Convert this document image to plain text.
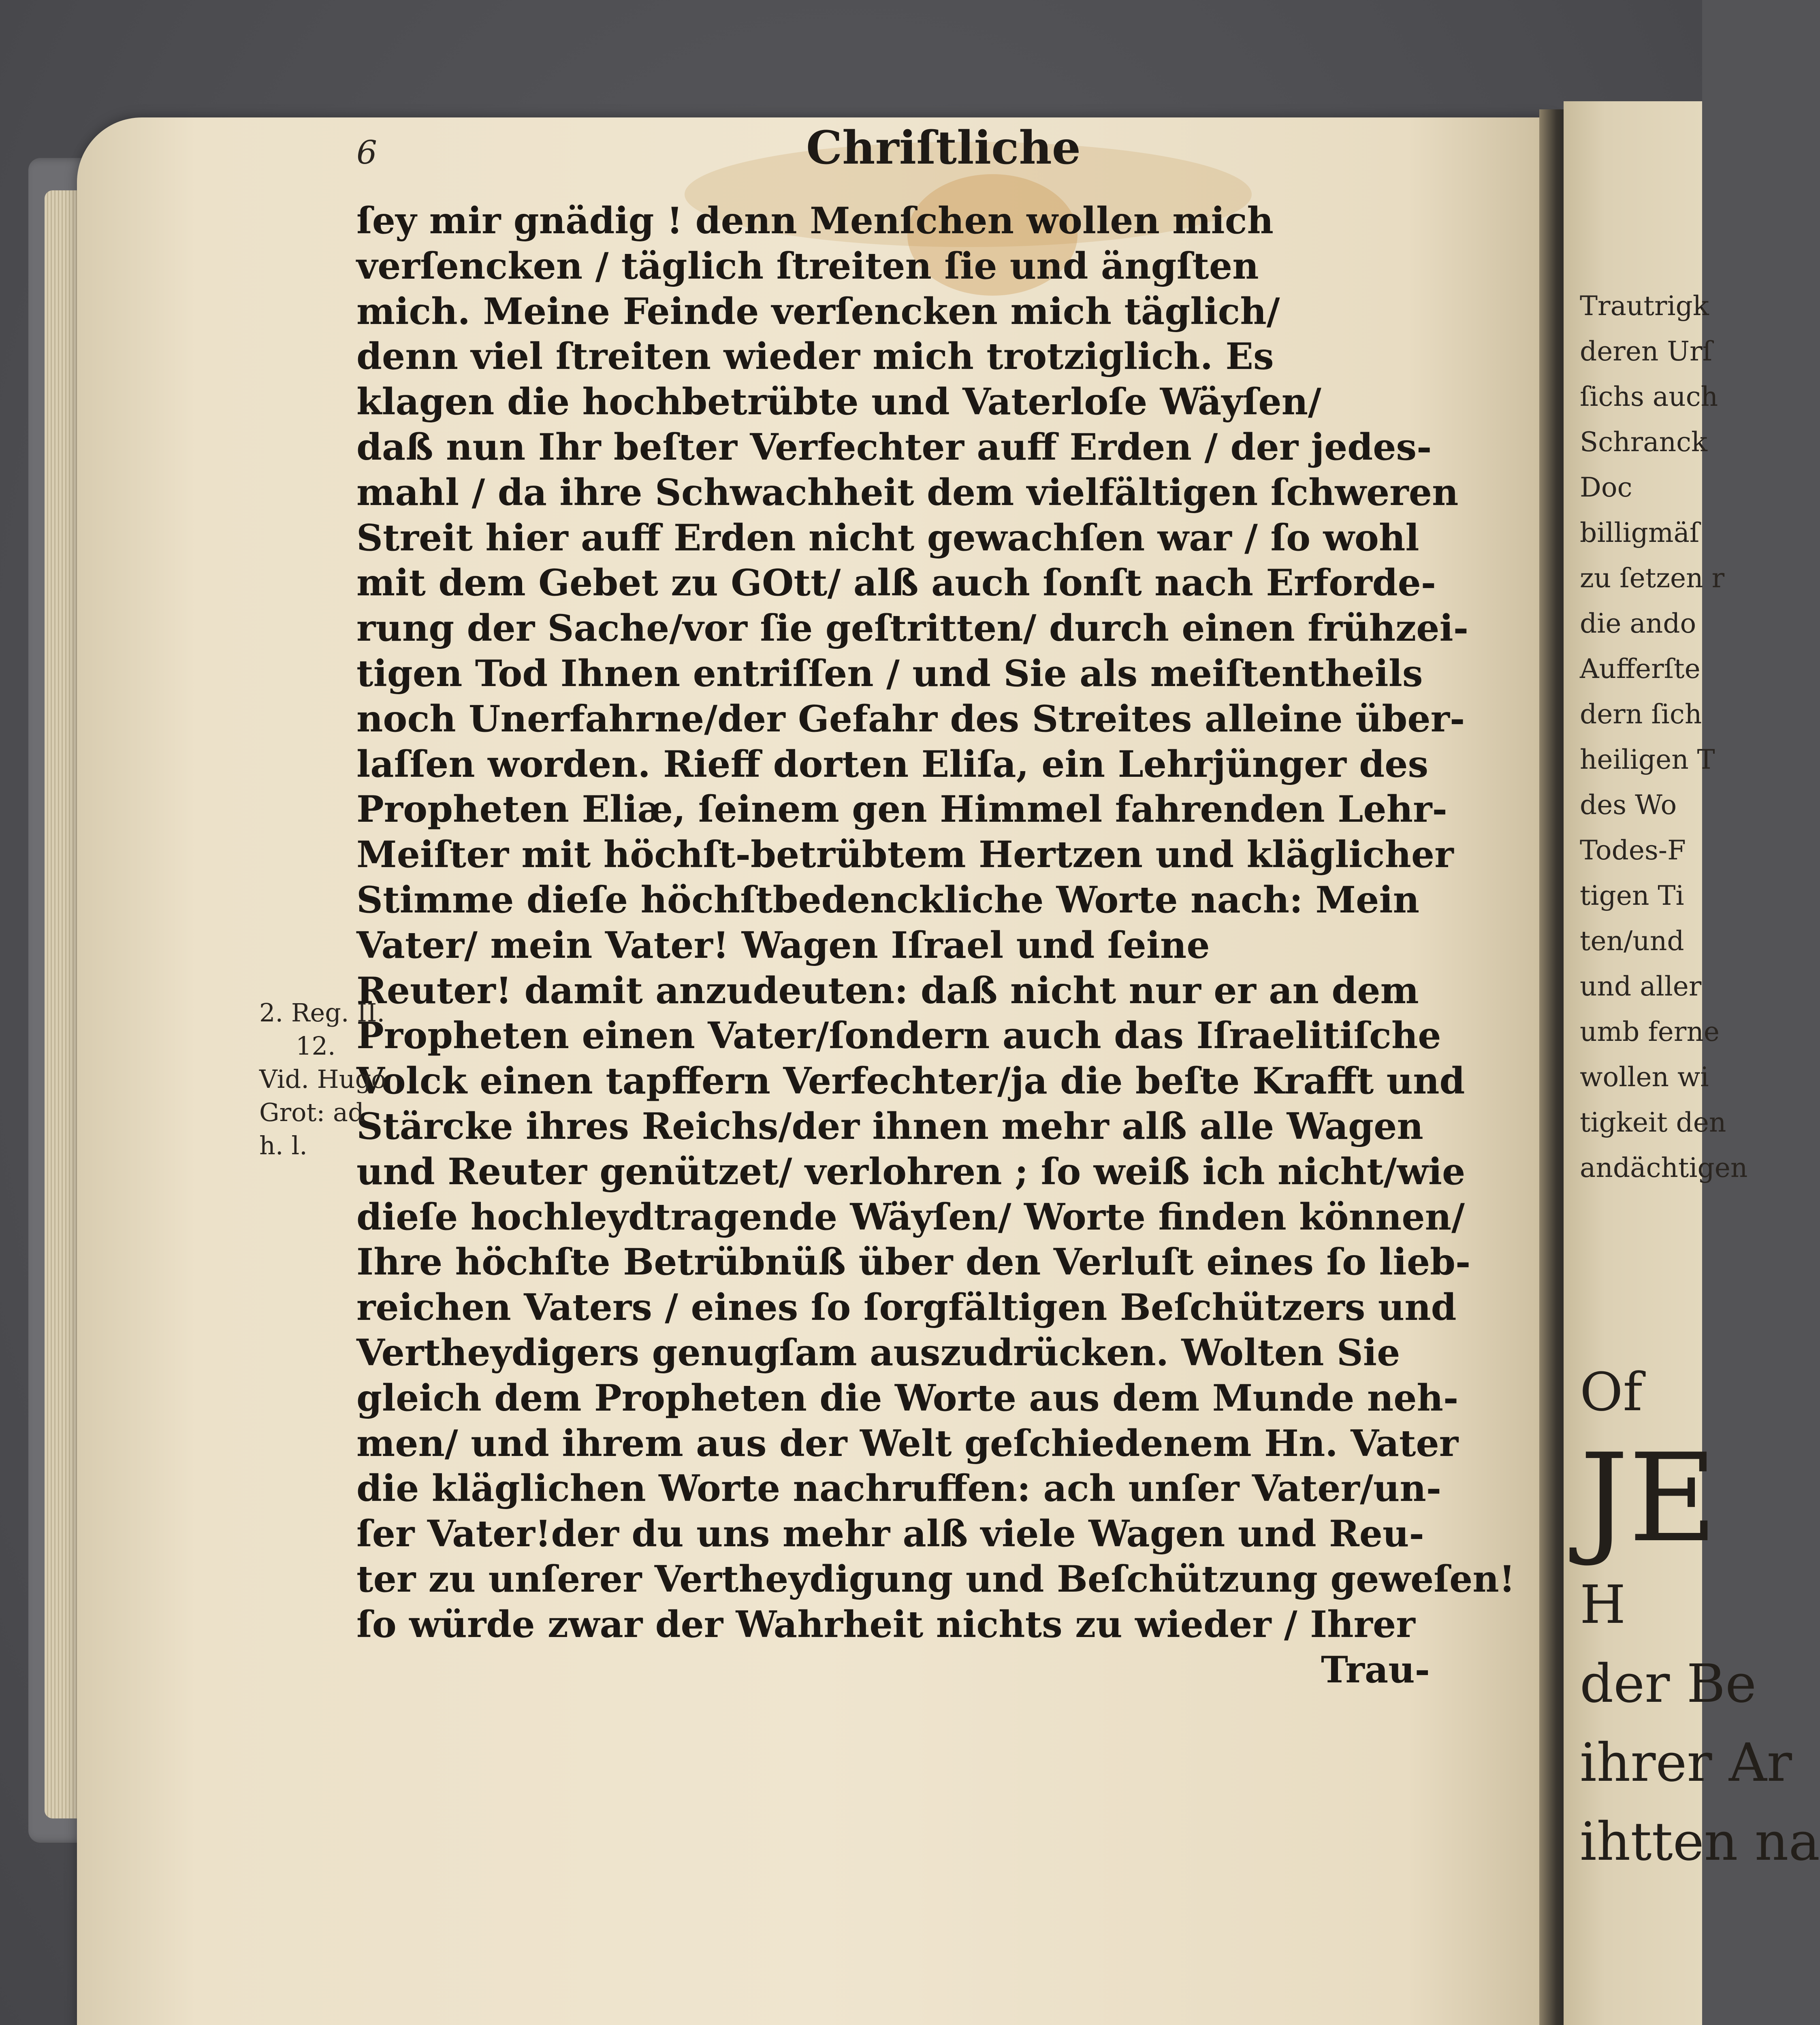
6	Chriſtliche

ſey mir gnädig ! denn Menſchen wollen mich
verſencken / täglich ſtreiten ſie und ängſten
mich. Meine Feinde verſencken mich täglich/
denn viel ſtreiten wieder mich trotziglich. Es
klagen die hochbetrübte und Vaterloſe Wäyſen/
daß nun Ihr beſter Verfechter auff Erden / der jedes-
mahl / da ihre Schwachheit dem vielfältigen ſchweren
Streit hier auff Erden nicht gewachſen war / ſo wohl
mit dem Gebet zu GOtt/ alß auch ſonſt nach Erforde-
rung der Sache/vor ſie geſtritten/ durch einen frühzei-
tigen Tod Ihnen entriſſen / und Sie als meiſtentheils
noch Unerfahrne/der Gefahr des Streites alleine über-
laſſen worden. Rieff dorten Eliſa, ein Lehrjünger des
Propheten Eliæ, ſeinem gen Himmel fahrenden Lehr-
Meiſter mit höchſt-betrübtem Hertzen und kläglicher
Stimme dieſe höchſtbedenckliche Worte nach: Mein
Vater/ mein Vater! Wagen Iſrael und ſeine
Reuter! damit anzudeuten: daß nicht nur er an dem
Propheten einen Vater/ſondern auch das Iſraelitiſche
Volck einen tapffern Verfechter/ja die beſte Krafft und
Stärcke ihres Reichs/der ihnen mehr alß alle Wagen
und Reuter genützet/ verlohren ; ſo weiß ich nicht/wie
dieſe hochleydtragende Wäyſen/ Worte finden können/
Ihre höchſte Betrübnüß über den Verluſt eines ſo lieb-
reichen Vaters / eines ſo ſorgfältigen Beſchützers und
Vertheydigers genugſam auszudrücken. Wolten Sie
gleich dem Propheten die Worte aus dem Munde neh-
men/ und ihrem aus der Welt geſchiedenem Hn. Vater
die kläglichen Worte nachruffen: ach unſer Vater/un-
ſer Vater!der du uns mehr alß viele Wagen und Reu-
ter zu unſerer Vertheydigung und Beſchützung geweſen!
ſo würde zwar der Wahrheit nichts zu wieder / Ihrer
Trau-
2. Reg. II.
12.
Vid. Hugo
Grot: ad
h. l.
Trautrigk
deren Urſ
ſichs auch
Schranck
Doc
billigmäſ
zu ſetzen r
die ando
Aufferſte
dern ſich
heiligen T
des Wo
Todes-F
tigen Ti
ten/und
und aller
umb ferne
wollen wi
tigkeit den
andächtigen
Of
JE
H
der Be
ihrer Ar
ihtten na
